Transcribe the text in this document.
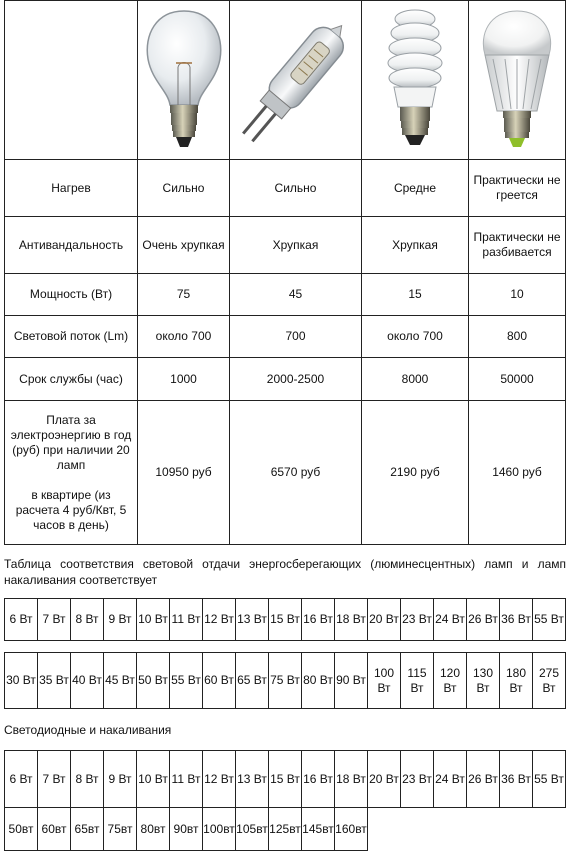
Нагрев	Сильно	Сильно	Средне	Практически не греется
Антивандальность	Очень хрупкая	Хрупкая	Хрупкая	Практически не разбивается
Мощность (Вт)	75	45	15	10
Световой поток (Lm)	около 700	700	около 700	800
Срок службы (час)	1000	2000-2500	8000	50000

Плата за электроэнергию в год (руб) при наличии 20 ламп
в квартире (из расчета 4 руб/Квт, 5 часов в день)	10950 руб	6570 руб	2190 руб	1460 руб
Таблица соответствия световой отдачи энергосберегающих (люминесцентных) ламп и ламп накаливания соответствует
6 Вт	7 Вт	8 Вт	9 Вт	10 Вт	11 Вт	12 Вт	13 Вт	15 Вт	16 Вт	18 Вт	20 Вт	23 Вт	24 Вт	26 Вт	36 Вт	55 Вт

30 Вт	35 Вт	40 Вт	45 Вт	50 Вт	55 Вт	60 Вт	65 Вт	75 Вт	80 Вт	90 Вт	100 Вт	115 Вт	120 Вт	130 Вт	180 Вт	275 Вт
Светодиодные и накаливания
6 Вт	7 Вт	8 Вт	9 Вт	10 Вт	11 Вт	12 Вт	13 Вт	15 Вт	16 Вт	18 Вт	20 Вт	23 Вт	24 Вт	26 Вт	36 Вт	55 Вт
50вт	60вт	65вт	75вт	80вт	90вт	100вт	105вт	125вт	145вт	160вт						
